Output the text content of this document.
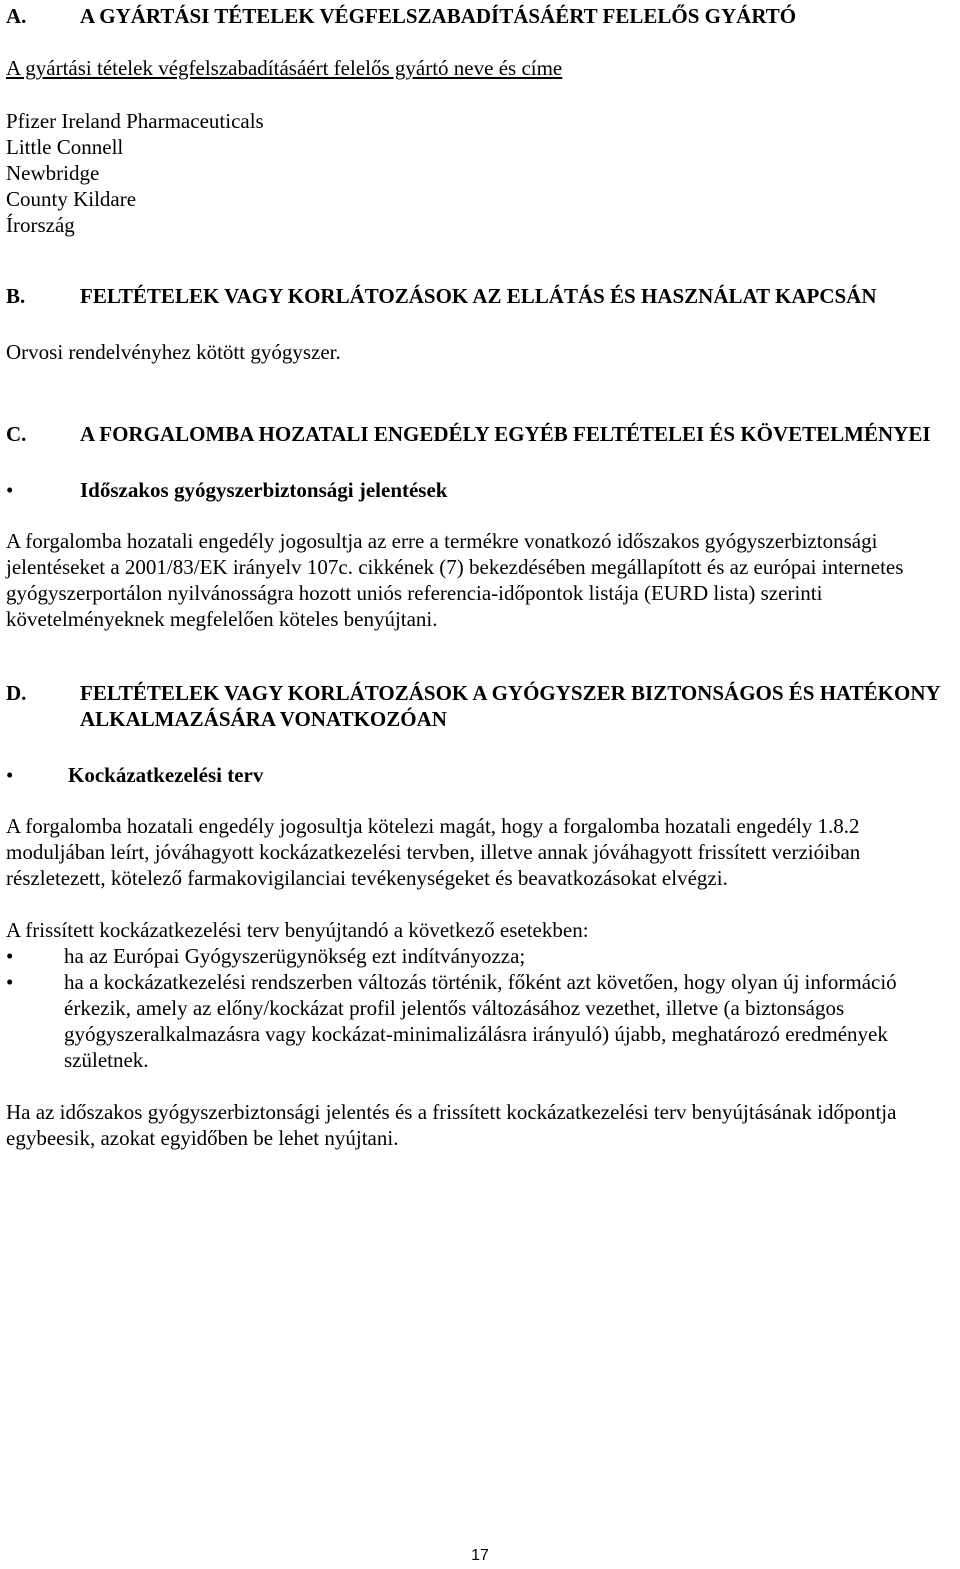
A.	A GYÁRTÁSI TÉTELEK VÉGFELSZABADÍTÁSÁÉRT FELELŐS GYÁRTÓ

A gyártási tételek végfelszabadításáért felelős gyártó neve és címe

Pfizer Ireland Pharmaceuticals
Little Connell
Newbridge
County Kildare
Írország
B.	FELTÉTELEK VAGY KORLÁTOZÁSOK AZ ELLÁTÁS ÉS HASZNÁLAT KAPCSÁN

Orvosi rendelvényhez kötött gyógyszer.

C.	A FORGALOMBA HOZATALI ENGEDÉLY EGYÉB FELTÉTELEI ÉS KÖVETELMÉNYEI
•	Időszakos gyógyszerbiztonsági jelentések

A forgalomba hozatali engedély jogosultja az erre a termékre vonatkozó időszakos gyógyszerbiztonsági jelentéseket a 2001/83/EK irányelv 107c. cikkének (7) bekezdésében megállapított és az európai internetes gyógyszerportálon nyilvánosságra hozott uniós referencia-időpontok listája (EURD lista) szerinti követelményeknek megfelelően köteles benyújtani.

D.	FELTÉTELEK VAGY KORLÁTOZÁSOK A GYÓGYSZER BIZTONSÁGOS ÉS HATÉKONY ALKALMAZÁSÁRA VONATKOZÓAN
•	Kockázatkezelési terv

A forgalomba hozatali engedély jogosultja kötelezi magát, hogy a forgalomba hozatali engedély 1.8.2 moduljában leírt, jóváhagyott kockázatkezelési tervben, illetve annak jóváhagyott frissített verzióiban részletezett, kötelező farmakovigilanciai tevékenységeket és beavatkozásokat elvégzi.

A frissített kockázatkezelési terv benyújtandó a következő esetekben:

•	ha az Európai Gyógyszerügynökség ezt indítványozza;
•	ha a kockázatkezelési rendszerben változás történik, főként azt követően, hogy olyan új információ érkezik, amely az előny/kockázat profil jelentős változásához vezethet, illetve (a biztonságos gyógyszeralkalmazásra vagy kockázat-minimalizálásra irányuló) újabb, meghatározó eredmények születnek.

Ha az időszakos gyógyszerbiztonsági jelentés és a frissített kockázatkezelési terv benyújtásának időpontja egybeesik, azokat egyidőben be lehet nyújtani.

17
